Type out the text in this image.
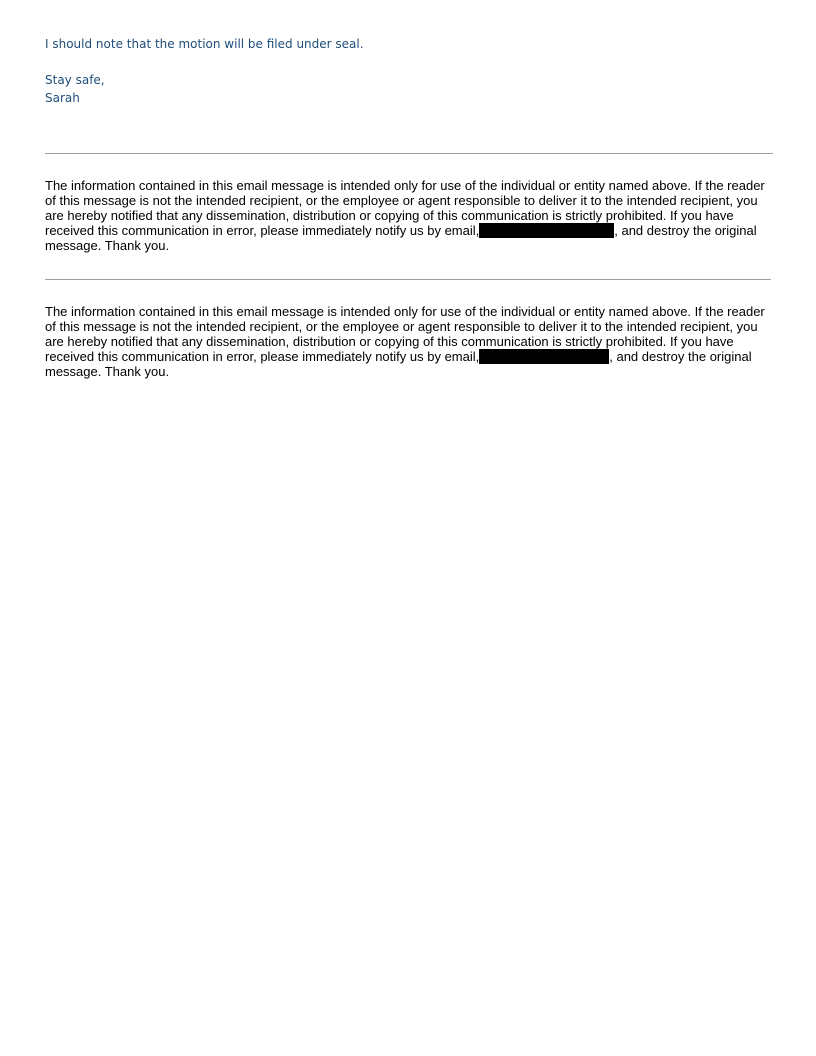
I should note that the motion will be filed under seal.

Stay safe,

Sarah

The information contained in this email message is intended only for use of the individual or entity named above. If the reader of this message is not the intended recipient, or the employee or agent responsible to deliver it to the intended recipient, you are hereby notified that any dissemination, distribution or copying of this communication is strictly prohibited. If you have received this communication in error, please immediately notify us by email,	, and destroy the original message. Thank you.

The information contained in this email message is intended only for use of the individual or entity named above. If the reader of this message is not the intended recipient, or the employee or agent responsible to deliver it to the intended recipient, you are hereby notified that any dissemination, distribution or copying of this communication is strictly prohibited. If you have received this communication in error, please immediately notify us by email,	, and destroy the original message. Thank you.
